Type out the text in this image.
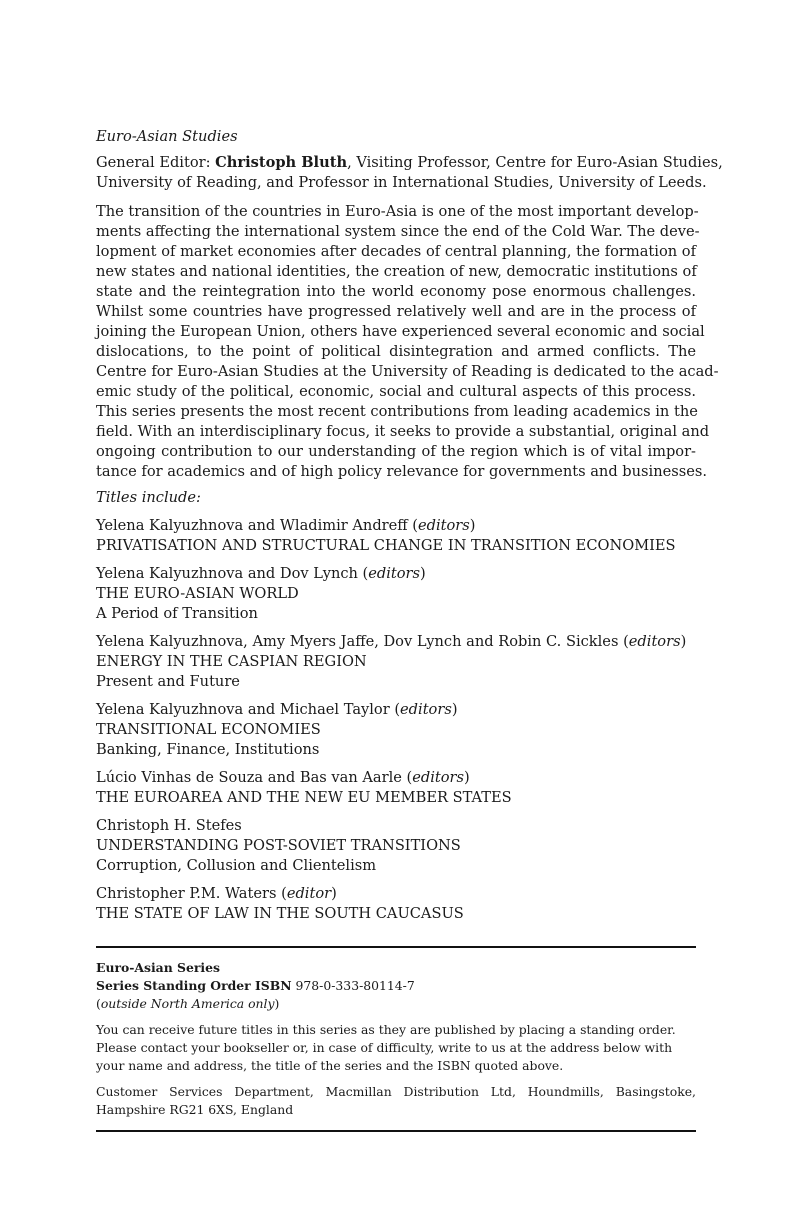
Euro-Asian Studies
General Editor: Christoph Bluth, Visiting Professor, Centre for Euro-Asian Studies,
University of Reading, and Professor in International Studies, University of Leeds.
The transition of the countries in Euro-Asia is one of the most important develop-
ments affecting the international system since the end of the Cold War. The deve-
lopment of market economies after decades of central planning, the formation of
new states and national identities, the creation of new, democratic institutions of
state and the reintegration into the world economy pose enormous challenges.
Whilst some countries have progressed relatively well and are in the process of
joining the European Union, others have experienced several economic and social
dislocations, to the point of political disintegration and armed conflicts. The
Centre for Euro-Asian Studies at the University of Reading is dedicated to the acad-
emic study of the political, economic, social and cultural aspects of this process.
This series presents the most recent contributions from leading academics in the
field. With an interdisciplinary focus, it seeks to provide a substantial, original and
ongoing contribution to our understanding of the region which is of vital impor-
tance for academics and of high policy relevance for governments and businesses.
Titles include:
Yelena Kalyuzhnova and Wladimir Andreff (editors)
PRIVATISATION AND STRUCTURAL CHANGE IN TRANSITION ECONOMIES
Yelena Kalyuzhnova and Dov Lynch (editors)
THE EURO-ASIAN WORLD
A Period of Transition
Yelena Kalyuzhnova, Amy Myers Jaffe, Dov Lynch and Robin C. Sickles (editors)
ENERGY IN THE CASPIAN REGION
Present and Future
Yelena Kalyuzhnova and Michael Taylor (editors)
TRANSITIONAL ECONOMIES
Banking, Finance, Institutions
Lúcio Vinhas de Souza and Bas van Aarle (editors)
THE EUROAREA AND THE NEW EU MEMBER STATES
Christoph H. Stefes
UNDERSTANDING POST-SOVIET TRANSITIONS
Corruption, Collusion and Clientelism
Christopher P.M. Waters (editor)
THE STATE OF LAW IN THE SOUTH CAUCASUS
Euro-Asian Series
Series Standing Order ISBN 978-0-333-80114-7
(outside North America only)
You can receive future titles in this series as they are published by placing a standing order.
Please contact your bookseller or, in case of difficulty, write to us at the address below with
your name and address, the title of the series and the ISBN quoted above.
Customer Services Department, Macmillan Distribution Ltd, Houndmills, Basingstoke,
Hampshire RG21 6XS, England
